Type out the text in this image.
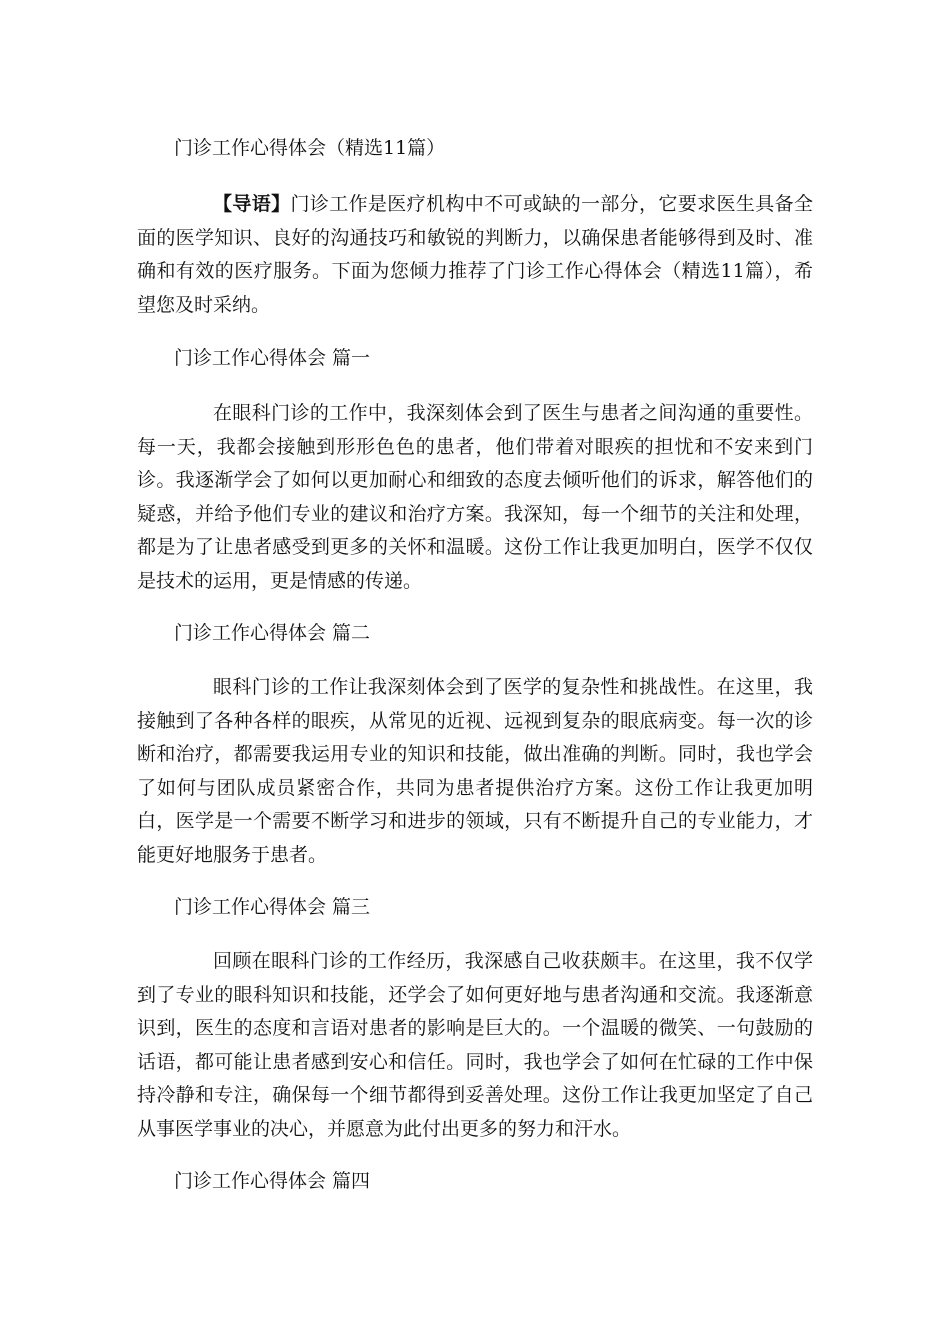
门诊工作心得体会（精选11篇）

【导语】门诊工作是医疗机构中不可或缺的一部分，它要求医生具备全面的医学知识、良好的沟通技巧和敏锐的判断力，以确保患者能够得到及时、准确和有效的医疗服务。下面为您倾力推荐了门诊工作心得体会（精选11篇），希望您及时采纳。

门诊工作心得体会 篇一

在眼科门诊的工作中，我深刻体会到了医生与患者之间沟通的重要性。每一天，我都会接触到形形色色的患者，他们带着对眼疾的担忧和不安来到门诊。我逐渐学会了如何以更加耐心和细致的态度去倾听他们的诉求，解答他们的疑惑，并给予他们专业的建议和治疗方案。我深知，每一个细节的关注和处理，都是为了让患者感受到更多的关怀和温暖。这份工作让我更加明白，医学不仅仅是技术的运用，更是情感的传递。

门诊工作心得体会 篇二

眼科门诊的工作让我深刻体会到了医学的复杂性和挑战性。在这里，我接触到了各种各样的眼疾，从常见的近视、远视到复杂的眼底病变。每一次的诊断和治疗，都需要我运用专业的知识和技能，做出准确的判断。同时，我也学会了如何与团队成员紧密合作，共同为患者提供治疗方案。这份工作让我更加明白，医学是一个需要不断学习和进步的领域，只有不断提升自己的专业能力，才能更好地服务于患者。

门诊工作心得体会 篇三

回顾在眼科门诊的工作经历，我深感自己收获颇丰。在这里，我不仅学到了专业的眼科知识和技能，还学会了如何更好地与患者沟通和交流。我逐渐意识到，医生的态度和言语对患者的影响是巨大的。一个温暖的微笑、一句鼓励的话语，都可能让患者感到安心和信任。同时，我也学会了如何在忙碌的工作中保持冷静和专注，确保每一个细节都得到妥善处理。这份工作让我更加坚定了自己从事医学事业的决心，并愿意为此付出更多的努力和汗水。

门诊工作心得体会 篇四
